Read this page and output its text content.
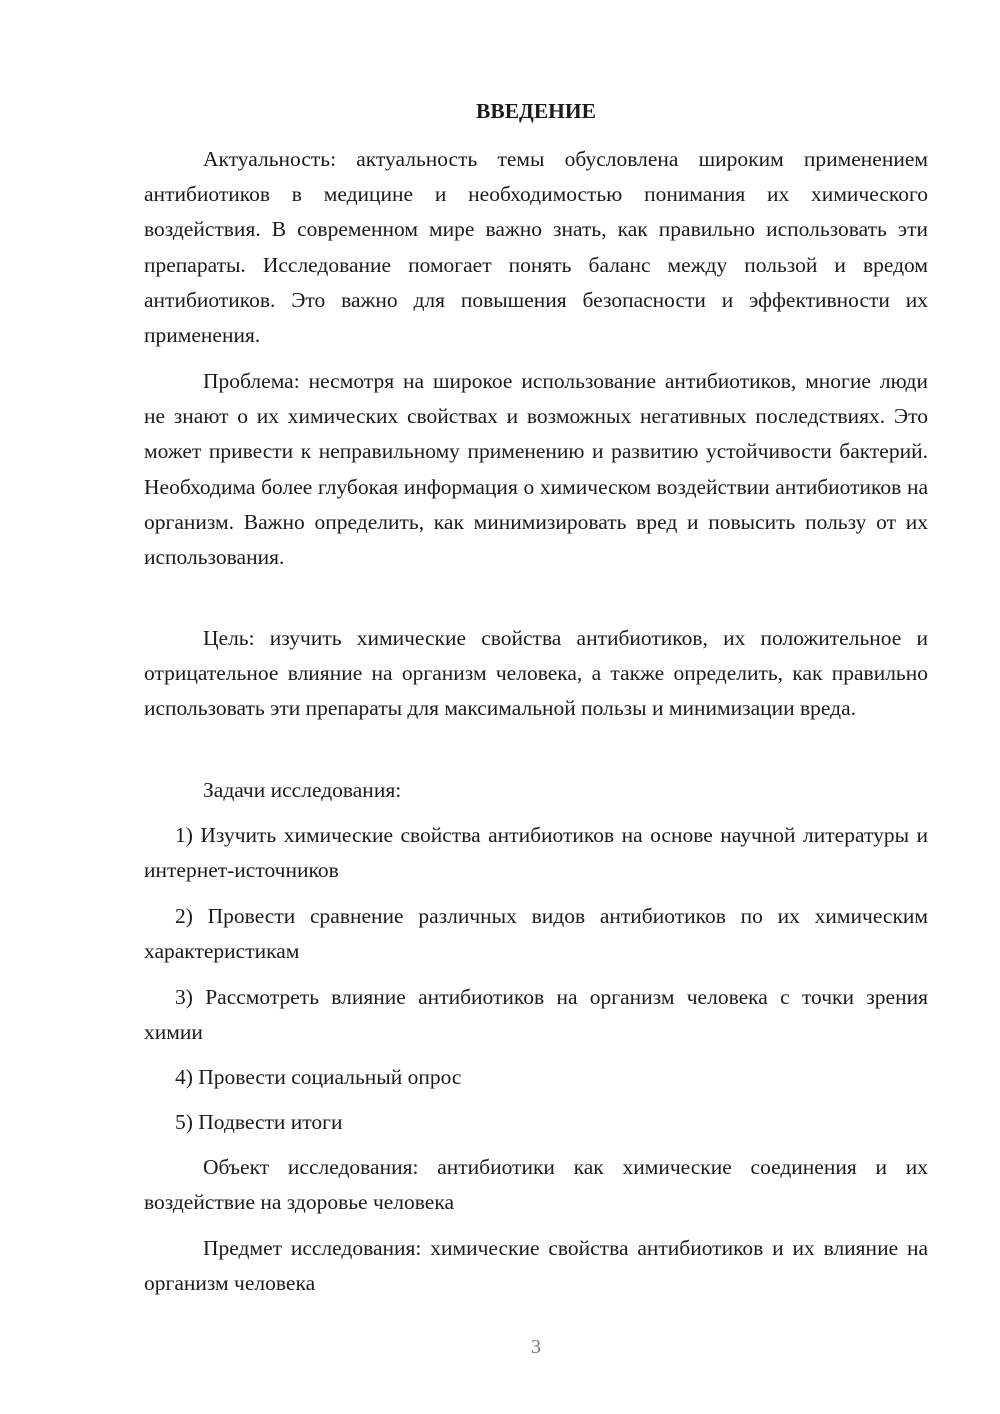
ВВЕДЕНИЕ

Актуальность: актуальность темы обусловлена широким применением антибиотиков в медицине и необходимостью понимания их химического воздействия. В современном мире важно знать, как правильно использовать эти препараты. Исследование помогает понять баланс между пользой и вредом антибиотиков. Это важно для повышения безопасности и эффективности их применения.

Проблема: несмотря на широкое использование антибиотиков, многие люди не знают о их химических свойствах и возможных негативных последствиях. Это может привести к неправильному применению и развитию устойчивости бактерий. Необходима более глубокая информация о химическом воздействии антибиотиков на организм. Важно определить, как минимизировать вред и повысить пользу от их использования.

Цель: изучить химические свойства антибиотиков, их положительное и отрицательное влияние на организм человека, а также определить, как правильно использовать эти препараты для максимальной пользы и минимизации вреда.

Задачи исследования:

1) Изучить химические свойства антибиотиков на основе научной литературы и интернет-источников

2) Провести сравнение различных видов антибиотиков по их химическим характеристикам

3) Рассмотреть влияние антибиотиков на организм человека с точки зрения химии

4) Провести социальный опрос

5) Подвести итоги

Объект исследования: антибиотики как химические соединения и их воздействие на здоровье человека

Предмет исследования: химические свойства антибиотиков и их влияние на организм человека

3
